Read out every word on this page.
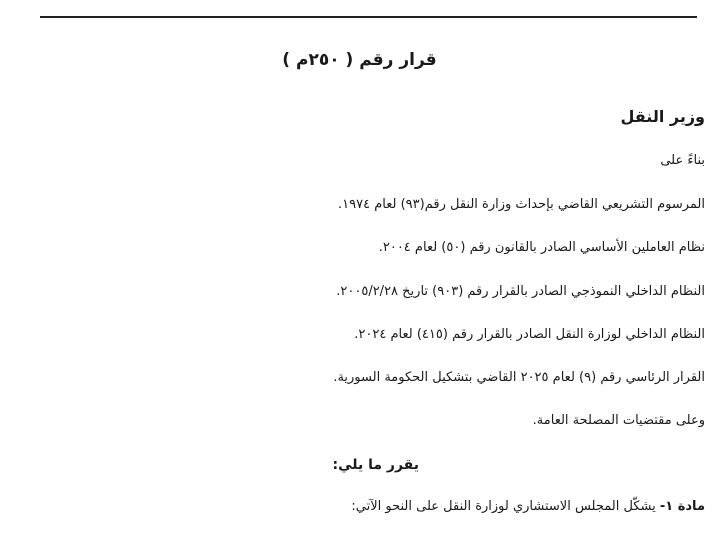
قرار رقم ( ٢٥٠م )
وزير النقل
بناءً على
المرسوم التشريعي القاضي بإحداث وزارة النقل رقم(٩٣) لعام ١٩٧٤.
نظام العاملين الأساسي الصادر بالقانون رقم (٥٠) لعام ٢٠٠٤.
النظام الداخلي النموذجي الصادر بالقرار رقم (٩٠٣) تاريخ ٢٠٠٥/٢/٢٨.
النظام الداخلي لوزارة النقل الصادر بالقرار رقم (٤١٥) لعام ٢٠٢٤.
القرار الرئاسي رقم (٩) لعام ٢٠٢٥ القاضي بتشكيل الحكومة السورية.
وعلى مقتضيات المصلحة العامة.
يقرر ما يلي:
مادة ١- يشكّل المجلس الاستشاري لوزارة النقل على النحو الآتي:
